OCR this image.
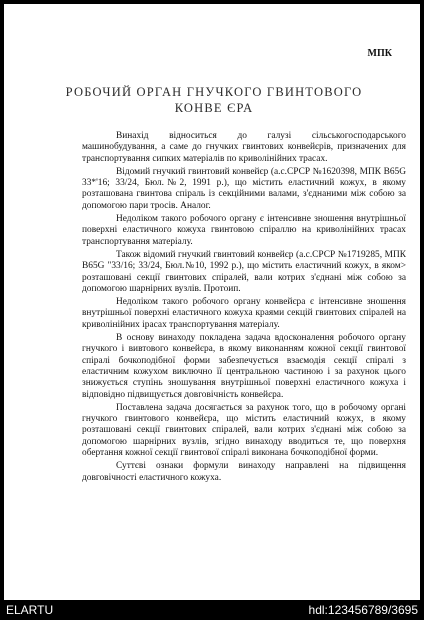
МПК
РОБОЧИЙ ОРГАН ГНУЧКОГО ГВИНТОВОГО
КОНВЕ ЄРА

Винахід відноситься до галузі сільськогосподарського машинобудування, а саме до гнучких гвинтових конвейєрів, призначених для транспортування сипких матеріалів по криволінійних трасах.

Відомий гнучкий гвинтовий конвейєр (а.с.СРСР №1620398, МПК B65G 33*'16; 33/24, Бюл.№2, 1991 р.), що містить еластичний кожух, в якому розташована гвинтова спіраль із секційними валами, з'єднаними між собою за допомогою пари тросів. Аналог.

Недоліком такого робочого органу є інтенсивне зношення внутрішньої поверхні еластичного кожуха гвинтовою спіраллю на криволінійних трасах транспортування матеріалу.

Також відомий гнучкий гвинтовий конвейєр (а.с.СРСР №1719285, МПК B65G "33/16; 33/24, Бюл.№10, 1992 р.), що містить еластичний кожух, в яком> розташовані секції гвинтових спіралей, вали котрих з'єднані між собою за допомогою шарнірних вузлів. Протоип.

Недоліком такого робочого органу конвейєра є інтенсивне зношення внутрішньої поверхні еластичного кожуха краями секцій гвинтових спіралей на криволінійних ірасах транспортування матеріалу.

В основу винаходу покладена задача вдосконалення робочого органу гнучкого і вивтового конвейєра, в якому виконанням кожної секції гвинтової спіралі бочкоподібної форми забезпечується взаємодія секції спіралі з еластичним кожухом виключно її центральною частиною і за рахунок цього знижується ступінь зношування внутрішньої поверхні еластичного кожуха і відповідно підвищується довговічність конвейєра.

Поставлена задача досягається за рахунок того, що в робочому органі гнучкого гвинтового конвейєра, що містить еластичний кожух, в якому розташовані секції гвинтових спіралей, вали котрих з'єднані між собою за допомогою шарнірних вузлів, згідно винаходу вводиться те, що поверхня обертання кожної секції гвинтової спіралі виконана бочкоподібної форми.

Суттєві ознаки формули винаходу направлені на підвищення довговічності еластичного кожуха.

ELARTU	hdl:123456789/3695
